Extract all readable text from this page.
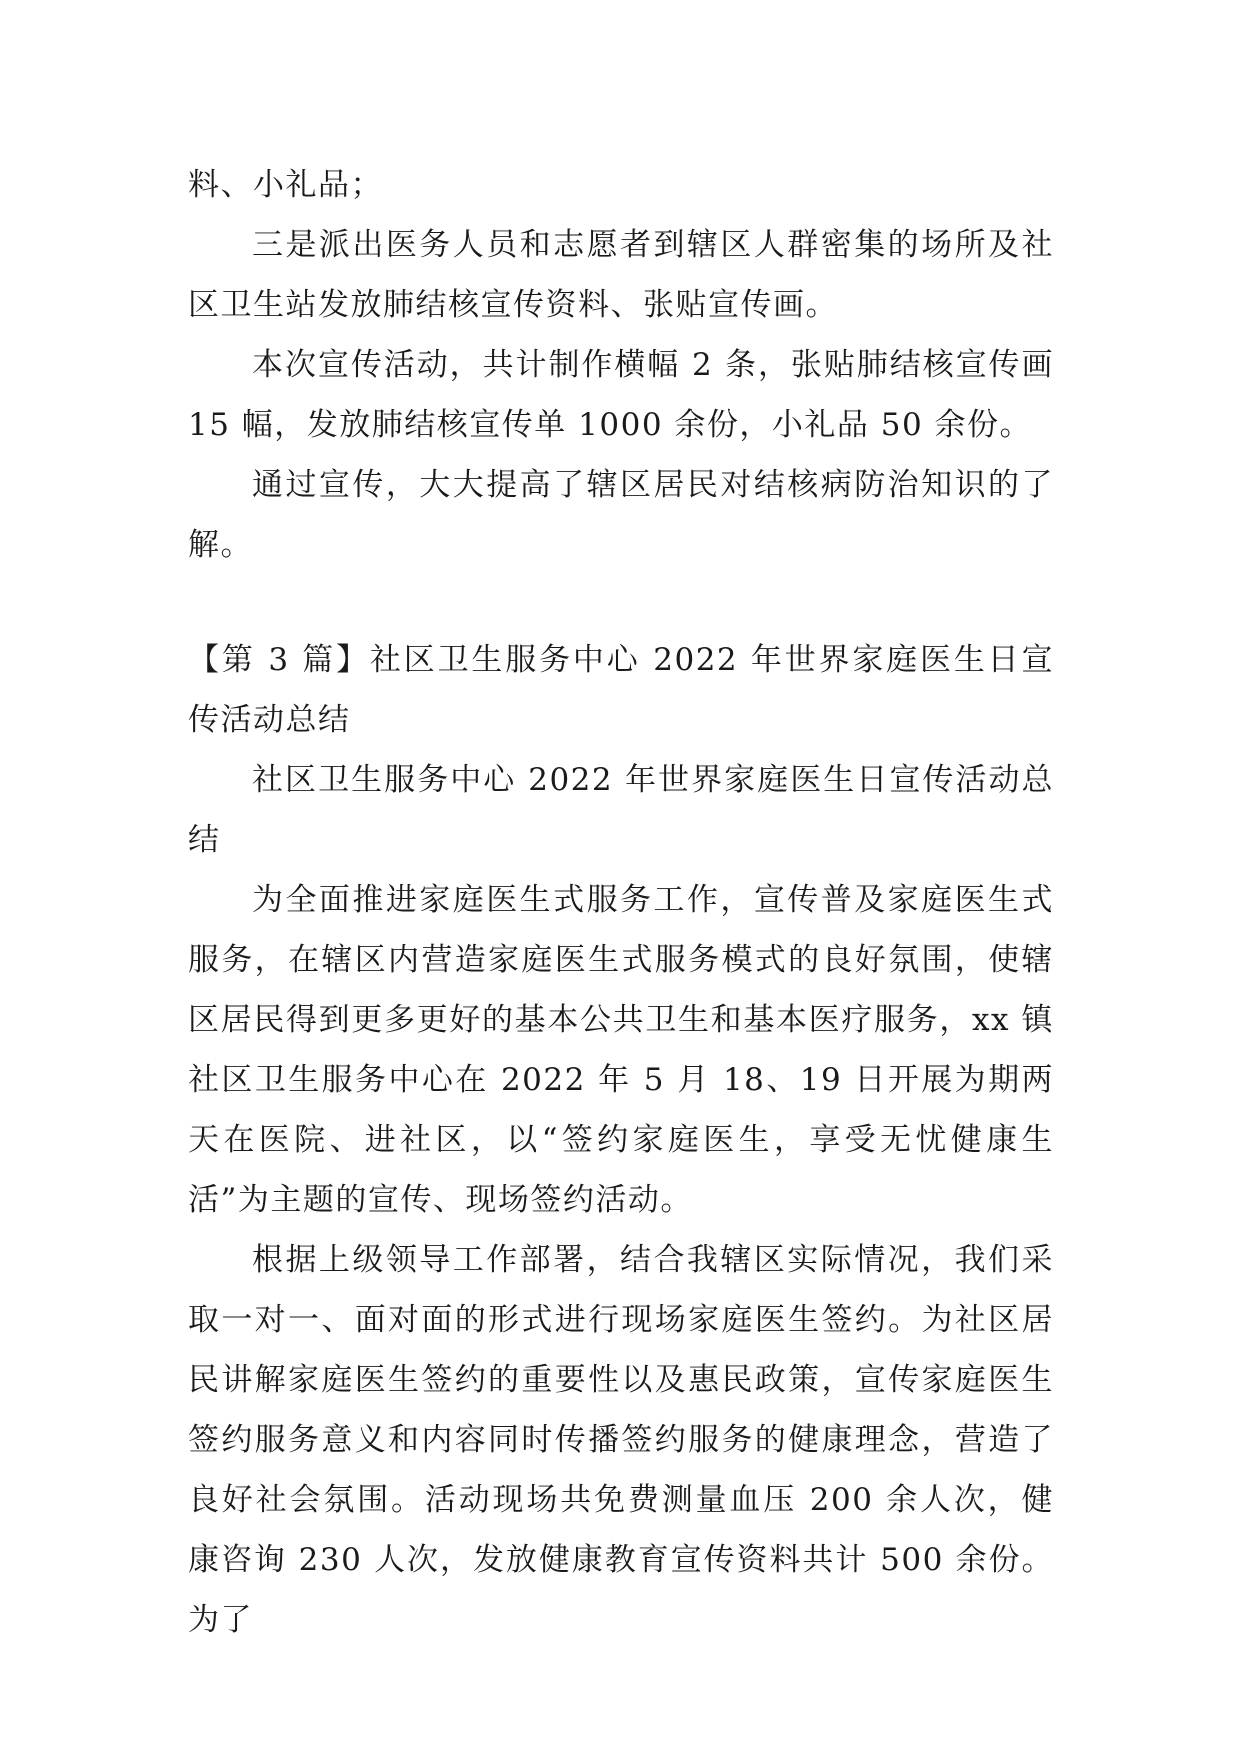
料、小礼品；

三是派出医务人员和志愿者到辖区人群密集的场所及社区卫生站发放肺结核宣传资料、张贴宣传画。

本次宣传活动，共计制作横幅 2 条，张贴肺结核宣传画 15 幅，发放肺结核宣传单 1000 余份，小礼品 50 余份。

通过宣传，大大提高了辖区居民对结核病防治知识的了解。

【第 3 篇】社区卫生服务中心 2022 年世界家庭医生日宣传活动总结

社区卫生服务中心 2022 年世界家庭医生日宣传活动总结

为全面推进家庭医生式服务工作，宣传普及家庭医生式服务，在辖区内营造家庭医生式服务模式的良好氛围，使辖区居民得到更多更好的基本公共卫生和基本医疗服务，xx 镇社区卫生服务中心在 2022 年 5 月 18、19 日开展为期两天在医院、进社区，以“签约家庭医生，享受无忧健康生活”为主题的宣传、现场签约活动。

根据上级领导工作部署，结合我辖区实际情况，我们采取一对一、面对面的形式进行现场家庭医生签约。为社区居民讲解家庭医生签约的重要性以及惠民政策，宣传家庭医生签约服务意义和内容同时传播签约服务的健康理念，营造了良好社会氛围。活动现场共免费测量血压 200 余人次，健康咨询 230 人次，发放健康教育宣传资料共计 500 余份。为了
